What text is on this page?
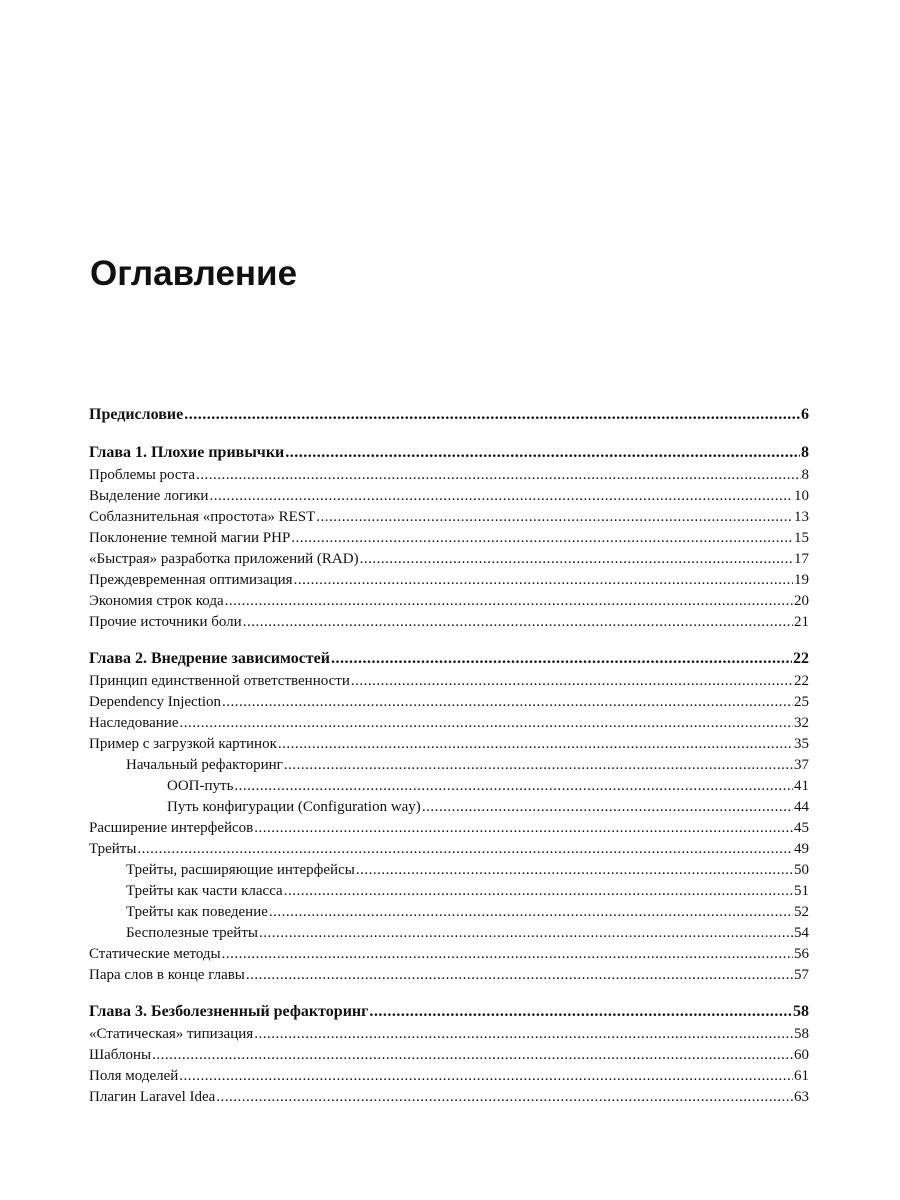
Оглавление
Предисловие .....	6
Глава 1. Плохие привычки .....	8
Проблемы роста .....	8
Выделение логики .....	10
Соблазнительная «простота» REST .....	13
Поклонение темной магии PHP .....	15
«Быстрая» разработка приложений (RAD) .....	17
Преждевременная оптимизация .....	19
Экономия строк кода .....	20
Прочие источники боли .....	21
Глава 2. Внедрение зависимостей .....	22
Принцип единственной ответственности .....	22
Dependency Injection .....	25
Наследование .....	32
Пример с загрузкой картинок .....	35
Начальный рефакторинг .....	37
ООП-путь .....	41
Путь конфигурации (Configuration way) .....	44
Расширение интерфейсов .....	45
Трейты .....	49
Трейты, расширяющие интерфейсы .....	50
Трейты как части класса .....	51
Трейты как поведение .....	52
Бесполезные трейты .....	54
Статические методы .....	56
Пара слов в конце главы .....	57
Глава 3. Безболезненный рефакторинг .....	58
«Статическая» типизация .....	58
Шаблоны .....	60
Поля моделей .....	61
Плагин Laravel Idea .....	63
